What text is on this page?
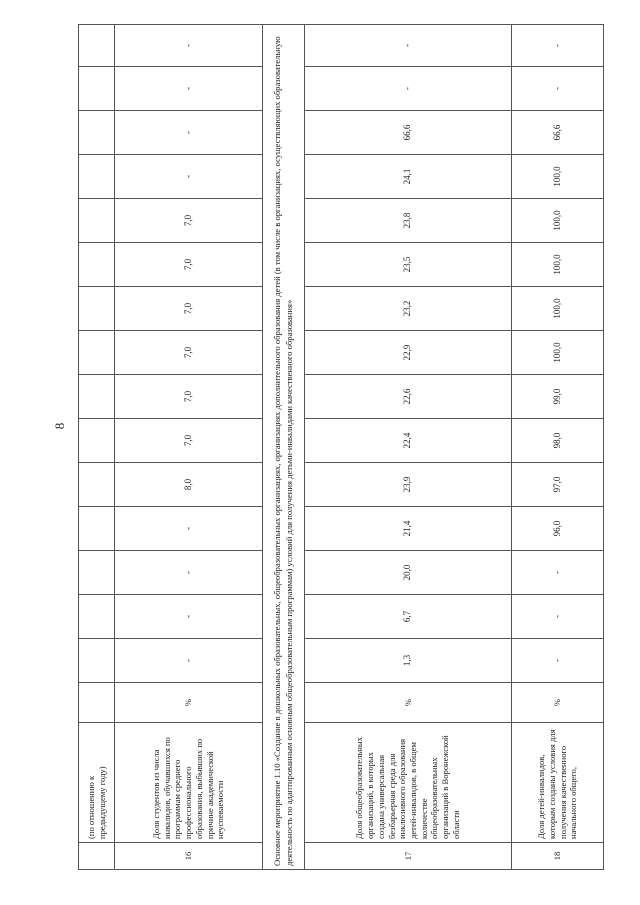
8
	(по отношению к предыдущему году)																
16	Доля студентов из числа инвалидов, обучавшихся по программам среднего профессионального образования, выбывших по причине академической неуспеваемости	%	-	-	-	-	8,0	7,0	7,0	7,0	7,0	7,0	7,0	-	-	-	-
Основное мероприятие 1.10 «Создание в дошкольных образовательных, общеобразовательных организациях, организациях дополнительного образования детей (в том числе в организациях, осуществляющих образовательную деятельность по адаптированным основным общеобразовательным программам) условий для получения детьми-инвалидами качественного образования»																	
17	Доля общеобразовательных организаций, в которых создана универсальная безбарьерная среда для инклюзивного образования детей-инвалидов, в общем количестве общеобразовательных организаций в Воронежской области	%	1,3	6,7	20,0	21,4	23,9	22,4	22,6	22,9	23,2	23,5	23,8	24,1	66,6	-	-
18	Доля детей-инвалидов, которым созданы условия для получения качественного начального общего,	%	-	-	-	96,0	97,0	98,0	99,0	100,0	100,0	100,0	100,0	100,0	66,6	-	-
